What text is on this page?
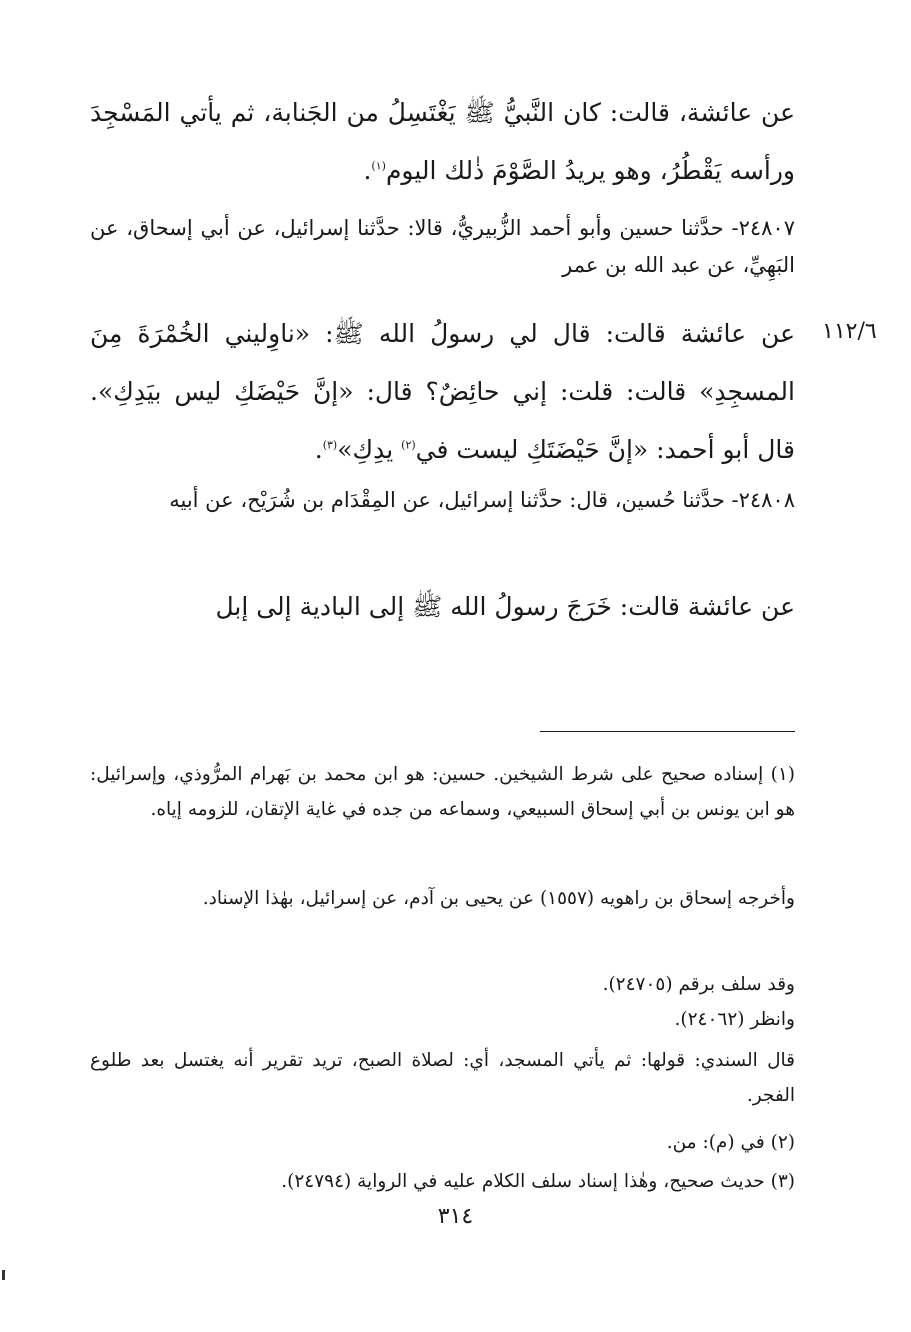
عن عائشة، قالت: كان النَّبيُّ ﷺ يَغْتَسِلُ من الجَنابة، ثم يأتي المَسْجِدَ ورأسه يَقْطُرُ، وهو يريدُ الصَّوْمَ ذٰلك اليوم$^{(١)}$.
٢٤٨٠٧- حدَّثنا حسين وأبو أحمد الزُّبيريُّ، قالا: حدَّثنا إسرائيل، عن أبي إسحاق، عن البَهِيِّ، عن عبد الله بن عمر
١١٢/٦
عن عائشة قالت: قال لي رسولُ الله ﷺ: «ناوِليني الخُمْرَةَ مِنَ المسجِدِ» قالت: قلت: إني حائِضٌ؟ قال: «إنَّ حَيْضَكِ ليس بيَدِكِ». قال أبو أحمد: «إنَّ حَيْضَتَكِ ليست في$^{(٢)}$ يدِكِ»$^{(٣)}$.
٢٤٨٠٨- حدَّثنا حُسين، قال: حدَّثنا إسرائيل، عن المِقْدَام بن شُرَيْح، عن أبيه
عن عائشة قالت: خَرَجَ رسولُ الله ﷺ إلى البادية إلى إبل
(١) إسناده صحيح على شرط الشيخين. حسين: هو ابن محمد بن بَهرام المرُّوذي، وإسرائيل: هو ابن يونس بن أبي إسحاق السبيعي، وسماعه من جده في غاية الإتقان، للزومه إياه.
وأخرجه إسحاق بن راهويه (١٥٥٧) عن يحيى بن آدم، عن إسرائيل، بهٰذا الإسناد.
وقد سلف برقم (٢٤٧٠٥).
وانظر (٢٤٠٦٢).
قال السندي: قولها: ثم يأتي المسجد، أي: لصلاة الصبح، تريد تقرير أنه يغتسل بعد طلوع الفجر.
(٢) في (م): من.
(٣) حديث صحيح، وهٰذا إسناد سلف الكلام عليه في الرواية (٢٤٧٩٤).
٣١٤
